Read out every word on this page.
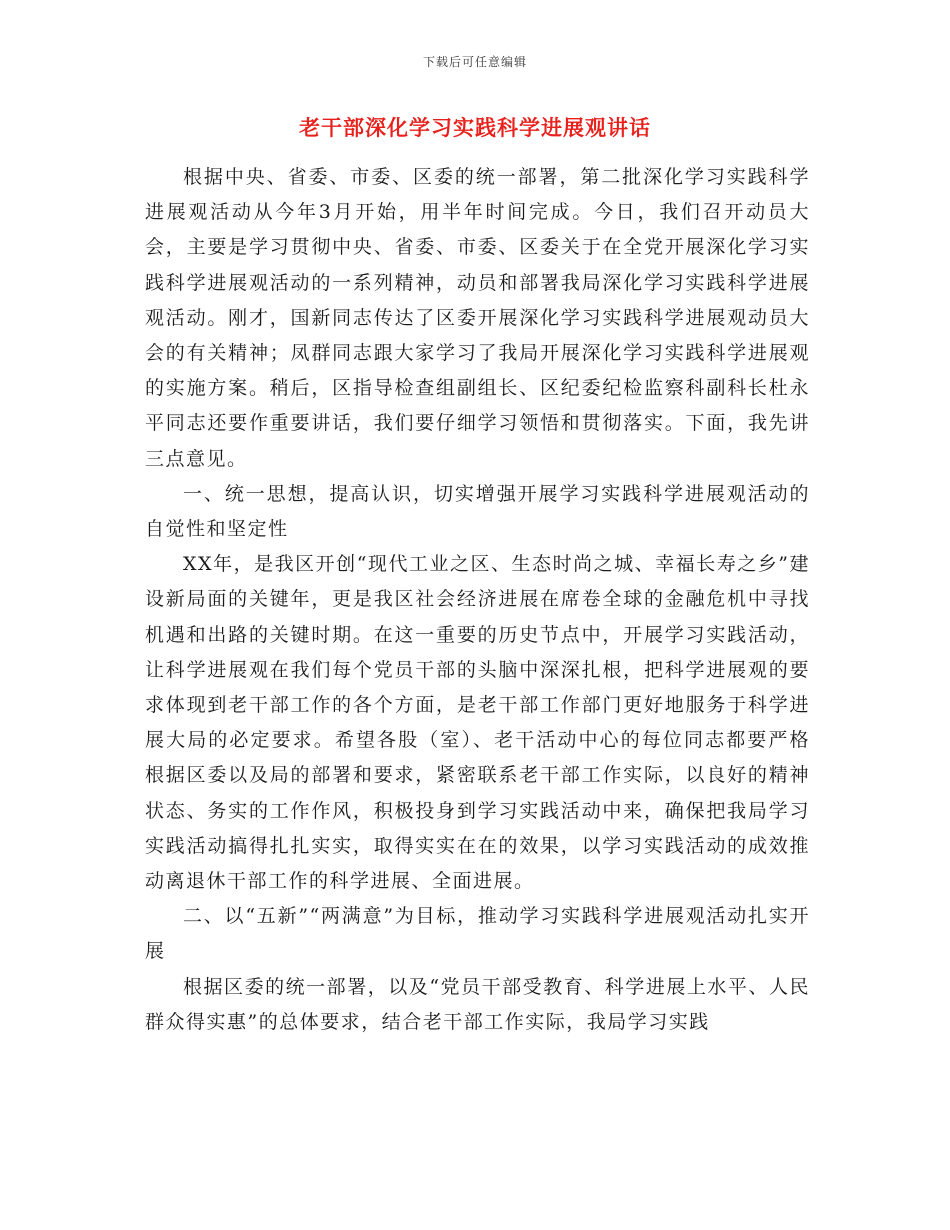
下载后可任意编辑
老干部深化学习实践科学进展观讲话

根据中央、省委、市委、区委的统一部署，第二批深化学习实践科学进展观活动从今年3月开始，用半年时间完成。今日，我们召开动员大会，主要是学习贯彻中央、省委、市委、区委关于在全党开展深化学习实践科学进展观活动的一系列精神，动员和部署我局深化学习实践科学进展观活动。刚才，国新同志传达了区委开展深化学习实践科学进展观动员大会的有关精神；凤群同志跟大家学习了我局开展深化学习实践科学进展观的实施方案。稍后，区指导检查组副组长、区纪委纪检监察科副科长杜永平同志还要作重要讲话，我们要仔细学习领悟和贯彻落实。下面，我先讲三点意见。

一、统一思想，提高认识，切实增强开展学习实践科学进展观活动的自觉性和坚定性

XX年，是我区开创“现代工业之区、生态时尚之城、幸福长寿之乡”建设新局面的关键年，更是我区社会经济进展在席卷全球的金融危机中寻找机遇和出路的关键时期。在这一重要的历史节点中，开展学习实践活动，让科学进展观在我们每个党员干部的头脑中深深扎根，把科学进展观的要求体现到老干部工作的各个方面，是老干部工作部门更好地服务于科学进展大局的必定要求。希望各股（室）、老干活动中心的每位同志都要严格根据区委以及局的部署和要求，紧密联系老干部工作实际，以良好的精神状态、务实的工作作风，积极投身到学习实践活动中来，确保把我局学习实践活动搞得扎扎实实，取得实实在在的效果，以学习实践活动的成效推动离退休干部工作的科学进展、全面进展。

二、以“五新”“两满意”为目标，推动学习实践科学进展观活动扎实开展

根据区委的统一部署，以及“党员干部受教育、科学进展上水平、人民群众得实惠”的总体要求，结合老干部工作实际，我局学习实践
